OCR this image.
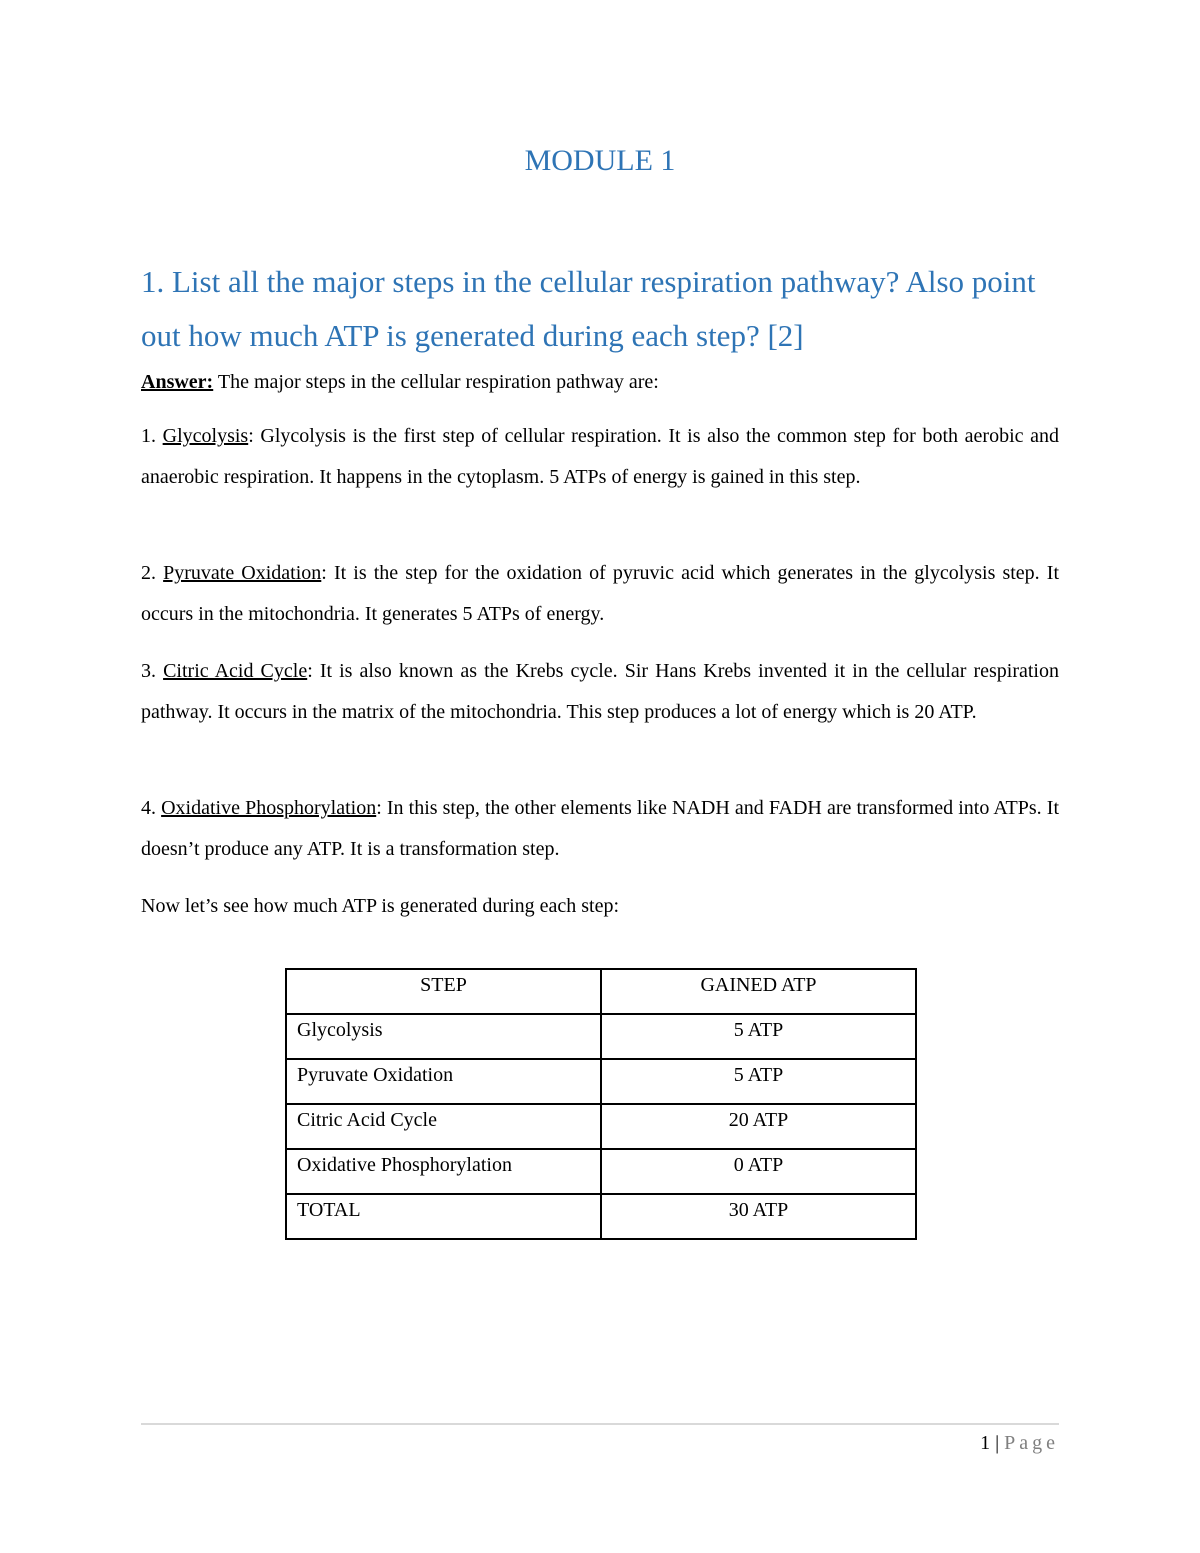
MODULE 1
1. List all the major steps in the cellular respiration pathway? Also point out how much ATP is generated during each step? [2]
Answer: The major steps in the cellular respiration pathway are:
1. Glycolysis: Glycolysis is the first step of cellular respiration. It is also the common step for both aerobic and anaerobic respiration. It happens in the cytoplasm. 5 ATPs of energy is gained in this step.
2. Pyruvate Oxidation: It is the step for the oxidation of pyruvic acid which generates in the glycolysis step. It occurs in the mitochondria. It generates 5 ATPs of energy.
3. Citric Acid Cycle: It is also known as the Krebs cycle. Sir Hans Krebs invented it in the cellular respiration pathway. It occurs in the matrix of the mitochondria. This step produces a lot of energy which is 20 ATP.
4. Oxidative Phosphorylation: In this step, the other elements like NADH and FADH are transformed into ATPs. It doesn’t produce any ATP. It is a transformation step.
Now let’s see how much ATP is generated during each step:
STEP	GAINED ATP
Glycolysis	5 ATP
Pyruvate Oxidation	5 ATP
Citric Acid Cycle	20 ATP
Oxidative Phosphorylation	0 ATP
TOTAL	30 ATP
1 | Page
